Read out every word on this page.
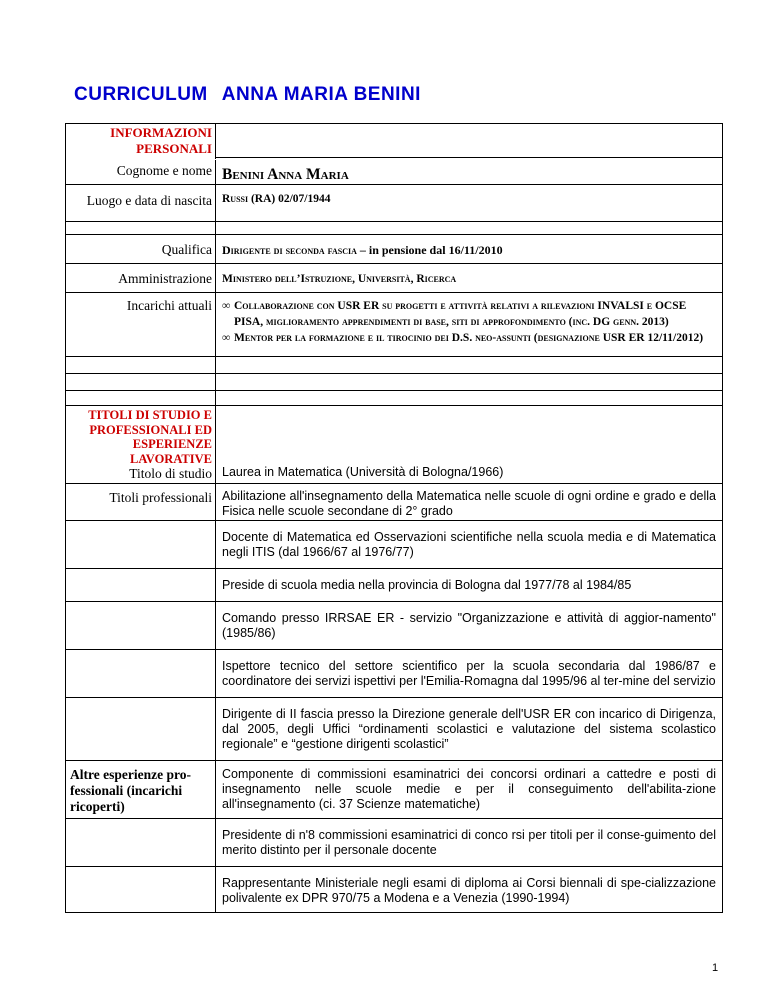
CURRICULUM ANNA MARIA BENINI
INFORMAZIONI PERSONALI
Cognome e nome Benini Anna Maria
Luogo e data di nascita Russi (RA) 02/07/1944
Qualifica Dirigente di seconda fascia – in pensione dal 16/11/2010
Amministrazione Ministero dell’Istruzione, Università, Ricerca
Incarichi attuali ∞ Collaborazione con USR ER su progetti e attività relativi a rilevazioni INVALSI e OCSE PISA, miglioramento apprendimenti di base, siti di approfondimento (inc. DG genn. 2013)
∞ Mentor per la formazione e il tirocinio dei D.S. neo-assunti (designazione USR ER 12/11/2012)
TITOLI DI STUDIO E PROFESSIONALI ED ESPERIENZE LAVORATIVE
Titolo di studio Laurea in Matematica (Università di Bologna/1966)
Titoli professionali Abilitazione all'insegnamento della Matematica nelle scuole di ogni ordine e grado e della Fisica nelle scuole secondane di 2° grado
Docente di Matematica ed Osservazioni scientifiche nella scuola media e di Matematica negli ITIS (dal 1966/67 al 1976/77)
Preside di scuola media nella provincia di Bologna dal 1977/78 al 1984/85
Comando presso IRRSAE ER - servizio "Organizzazione e attività di aggior-namento" (1985/86)
Ispettore tecnico del settore scientifico per la scuola secondaria dal 1986/87 e coordinatore dei servizi ispettivi per l'Emilia-Romagna dal 1995/96 al ter-mine del servizio
Dirigente di II fascia presso la Direzione generale dell'USR ER con incarico di Dirigenza, dal 2005, degli Uffici “ordinamenti scolastici e valutazione del sistema scolastico regionale” e “gestione dirigenti scolastici”
Altre esperienze pro-fessionali (incarichi ricoperti)
Componente di commissioni esaminatrici dei concorsi ordinari a cattedre e posti di insegnamento nelle scuole medie e per il conseguimento dell'abilita-zione all'insegnamento (ci. 37 Scienze matematiche)
Presidente di n'8 commissioni esaminatrici di conco rsi per titoli per il conse-guimento del merito distinto per il personale docente
Rappresentante Ministeriale negli esami di diploma ai Corsi biennali di spe-cializzazione polivalente ex DPR 970/75 a Modena e a Venezia (1990-1994)
1
